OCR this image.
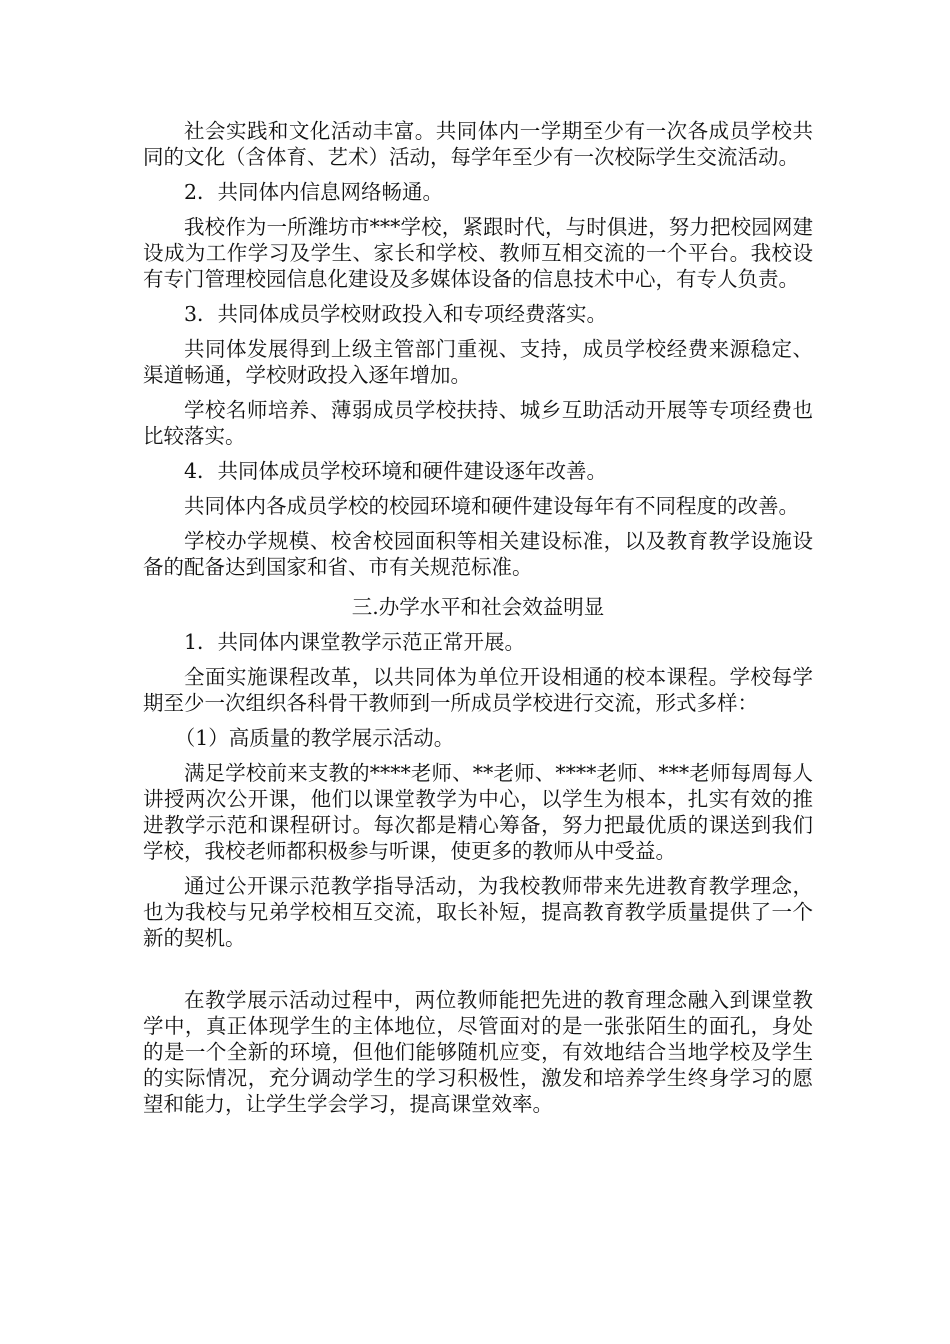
社会实践和文化活动丰富。共同体内一学期至少有一次各成员学校共同的文化（含体育、艺术）活动，每学年至少有一次校际学生交流活动。

2．共同体内信息网络畅通。

我校作为一所潍坊市***学校，紧跟时代，与时俱进，努力把校园网建设成为工作学习及学生、家长和学校、教师互相交流的一个平台。我校设有专门管理校园信息化建设及多媒体设备的信息技术中心，有专人负责。

3．共同体成员学校财政投入和专项经费落实。

共同体发展得到上级主管部门重视、支持，成员学校经费来源稳定、渠道畅通，学校财政投入逐年增加。

学校名师培养、薄弱成员学校扶持、城乡互助活动开展等专项经费也比较落实。

4．共同体成员学校环境和硬件建设逐年改善。

共同体内各成员学校的校园环境和硬件建设每年有不同程度的改善。

学校办学规模、校舍校园面积等相关建设标准，以及教育教学设施设备的配备达到国家和省、市有关规范标准。

三.办学水平和社会效益明显

1．共同体内课堂教学示范正常开展。

全面实施课程改革，以共同体为单位开设相通的校本课程。学校每学期至少一次组织各科骨干教师到一所成员学校进行交流，形式多样：

（1）高质量的教学展示活动。

满足学校前来支教的****老师、**老师、****老师、***老师每周每人讲授两次公开课，他们以课堂教学为中心，以学生为根本，扎实有效的推进教学示范和课程研讨。每次都是精心筹备，努力把最优质的课送到我们学校，我校老师都积极参与听课，使更多的教师从中受益。

通过公开课示范教学指导活动，为我校教师带来先进教育教学理念，也为我校与兄弟学校相互交流，取长补短，提高教育教学质量提供了一个新的契机。

在教学展示活动过程中，两位教师能把先进的教育理念融入到课堂教学中，真正体现学生的主体地位，尽管面对的是一张张陌生的面孔，身处的是一个全新的环境，但他们能够随机应变，有效地结合当地学校及学生的实际情况，充分调动学生的学习积极性，激发和培养学生终身学习的愿望和能力，让学生学会学习，提高课堂效率。
